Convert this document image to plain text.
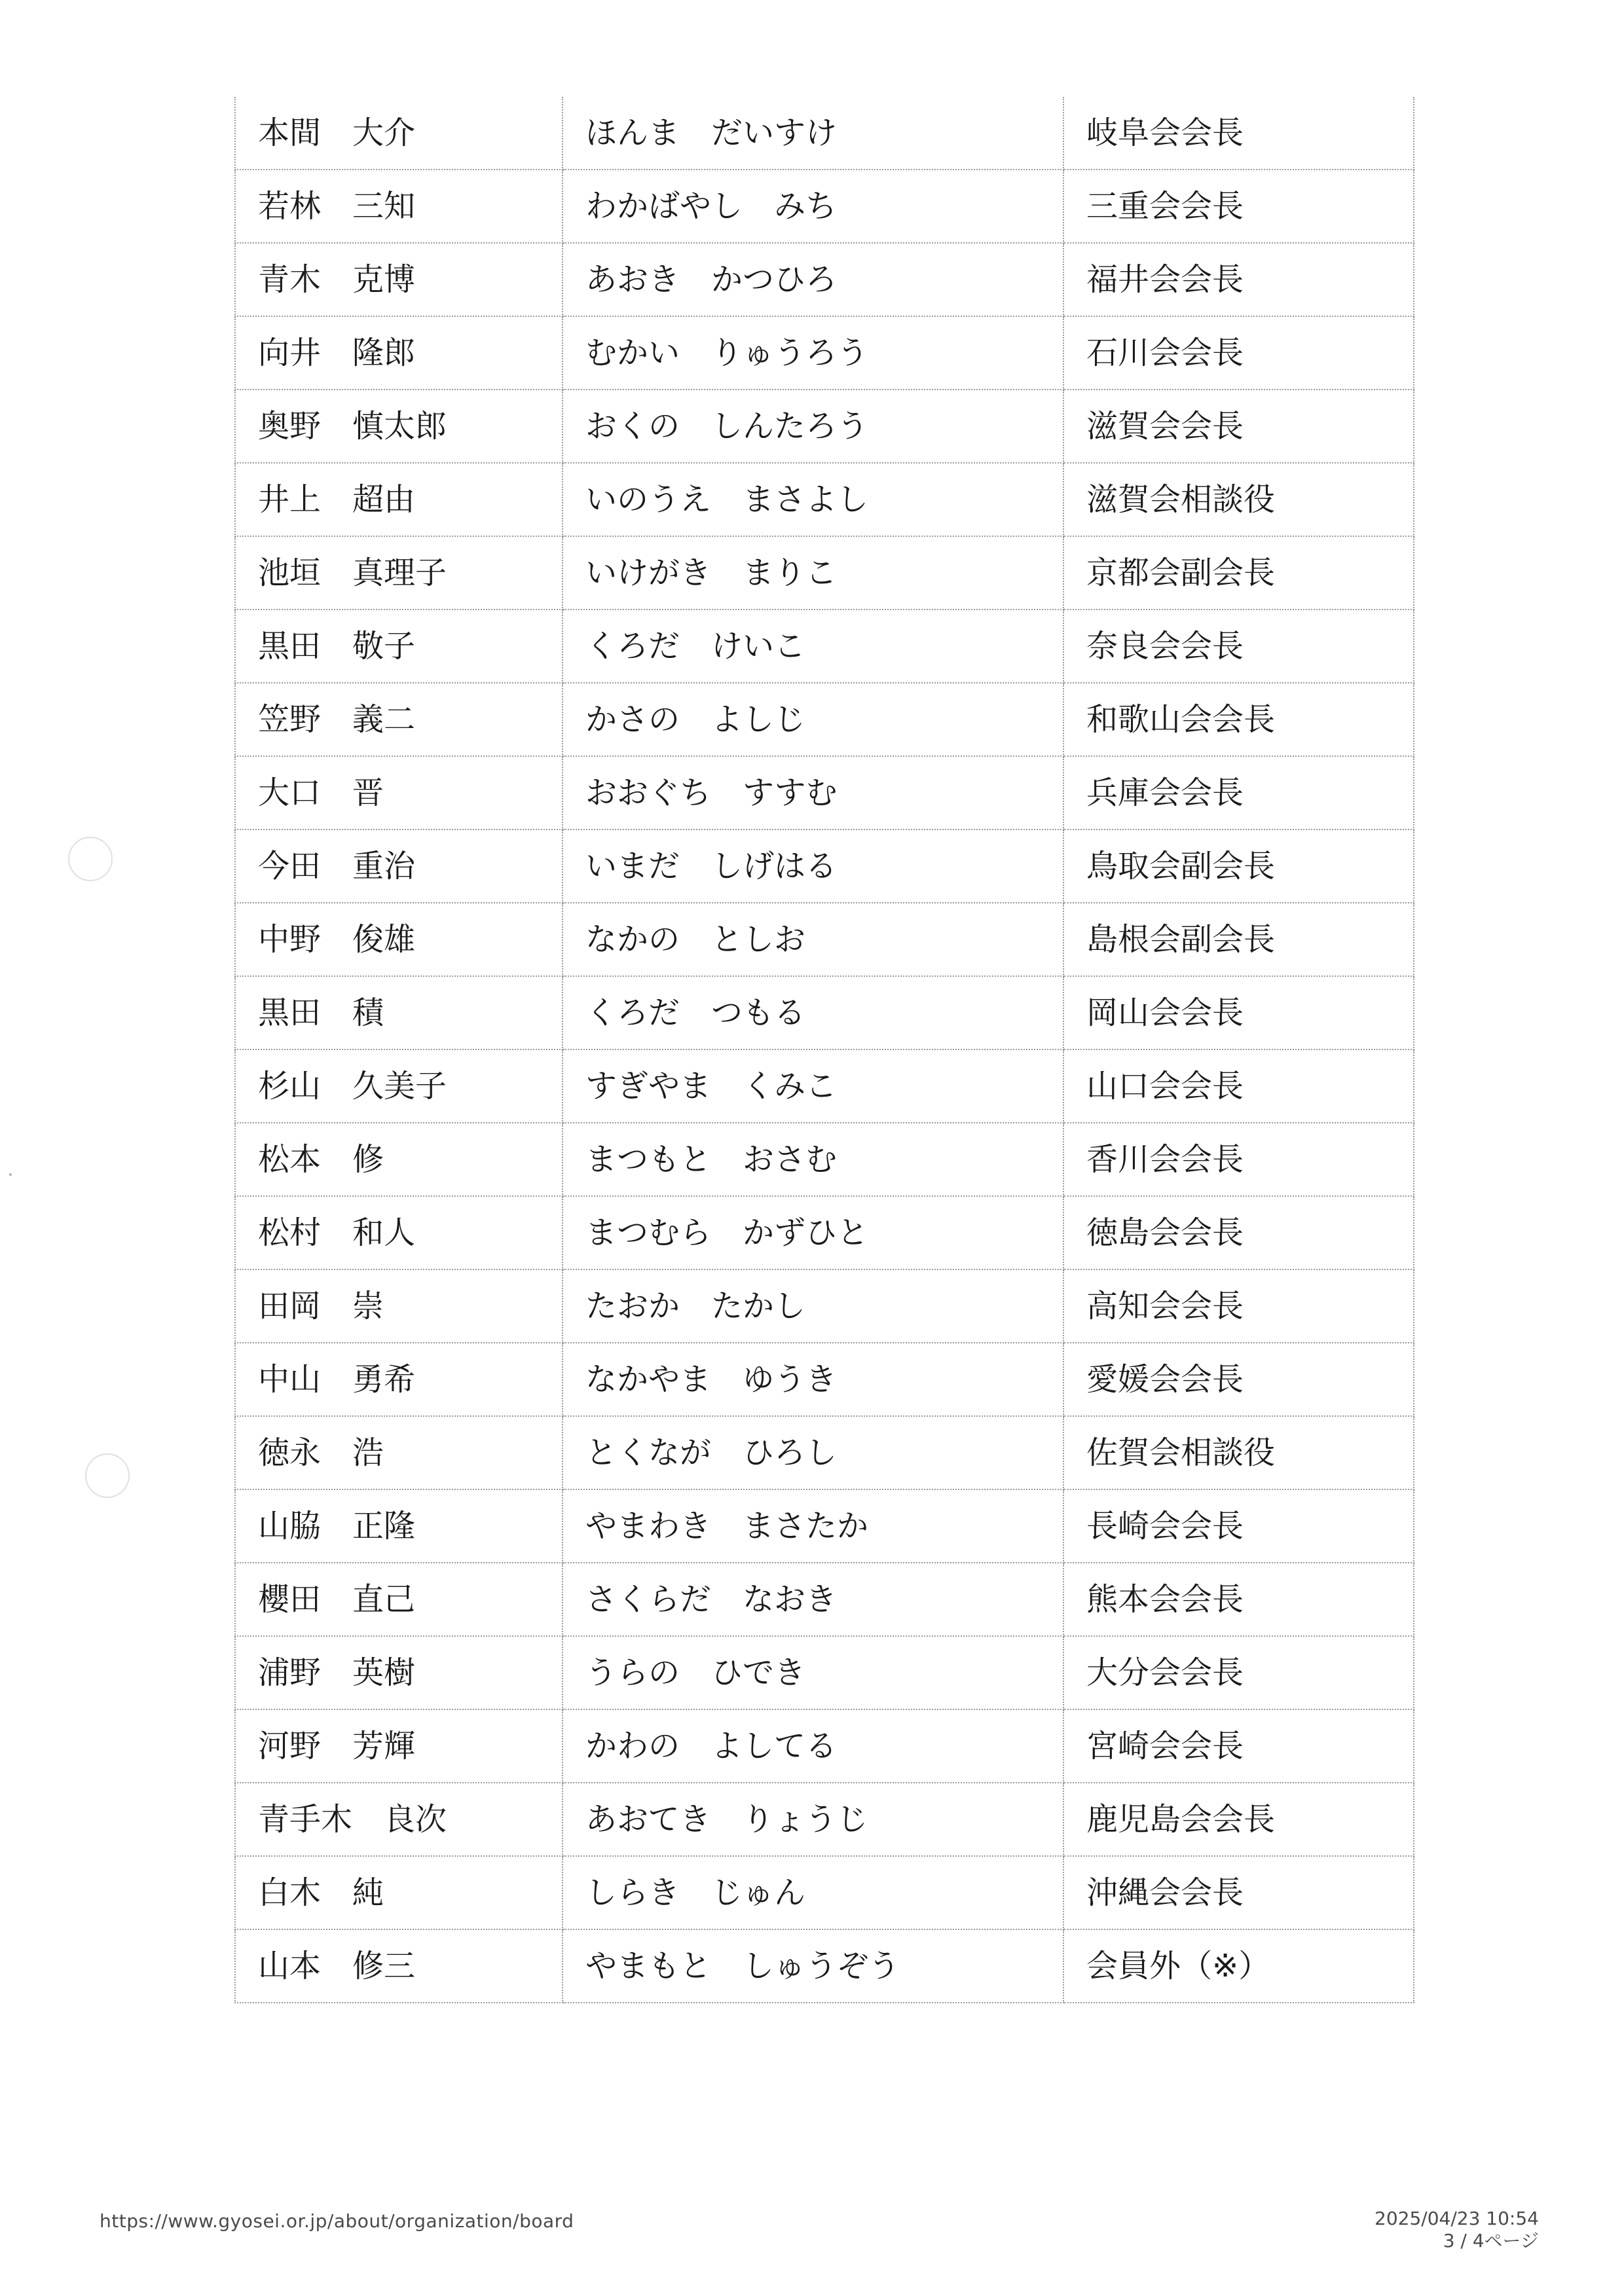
本間　大介	ほんま　だいすけ	岐阜会会長
若林　三知	わかばやし　みち	三重会会長
青木　克博	あおき　かつひろ	福井会会長
向井　隆郎	むかい　りゅうろう	石川会会長
奥野　慎太郎	おくの　しんたろう	滋賀会会長
井上　超由	いのうえ　まさよし	滋賀会相談役
池垣　真理子	いけがき　まりこ	京都会副会長
黒田　敬子	くろだ　けいこ	奈良会会長
笠野　義二	かさの　よしじ	和歌山会会長
大口　晋	おおぐち　すすむ	兵庫会会長
今田　重治	いまだ　しげはる	鳥取会副会長
中野　俊雄	なかの　としお	島根会副会長
黒田　積	くろだ　つもる	岡山会会長
杉山　久美子	すぎやま　くみこ	山口会会長
松本　修	まつもと　おさむ	香川会会長
松村　和人	まつむら　かずひと	徳島会会長
田岡　崇	たおか　たかし	高知会会長
中山　勇希	なかやま　ゆうき	愛媛会会長
徳永　浩	とくなが　ひろし	佐賀会相談役
山脇　正隆	やまわき　まさたか	長崎会会長
櫻田　直己	さくらだ　なおき	熊本会会長
浦野　英樹	うらの　ひでき	大分会会長
河野　芳輝	かわの　よしてる	宮崎会会長
青手木　良次	あおてき　りょうじ	鹿児島会会長
白木　純	しらき　じゅん	沖縄会会長
山本　修三	やまもと　しゅうぞう	会員外（※）
https://www.gyosei.or.jp/about/organization/board	2025/04/23 10:54
3 / 4ページ
